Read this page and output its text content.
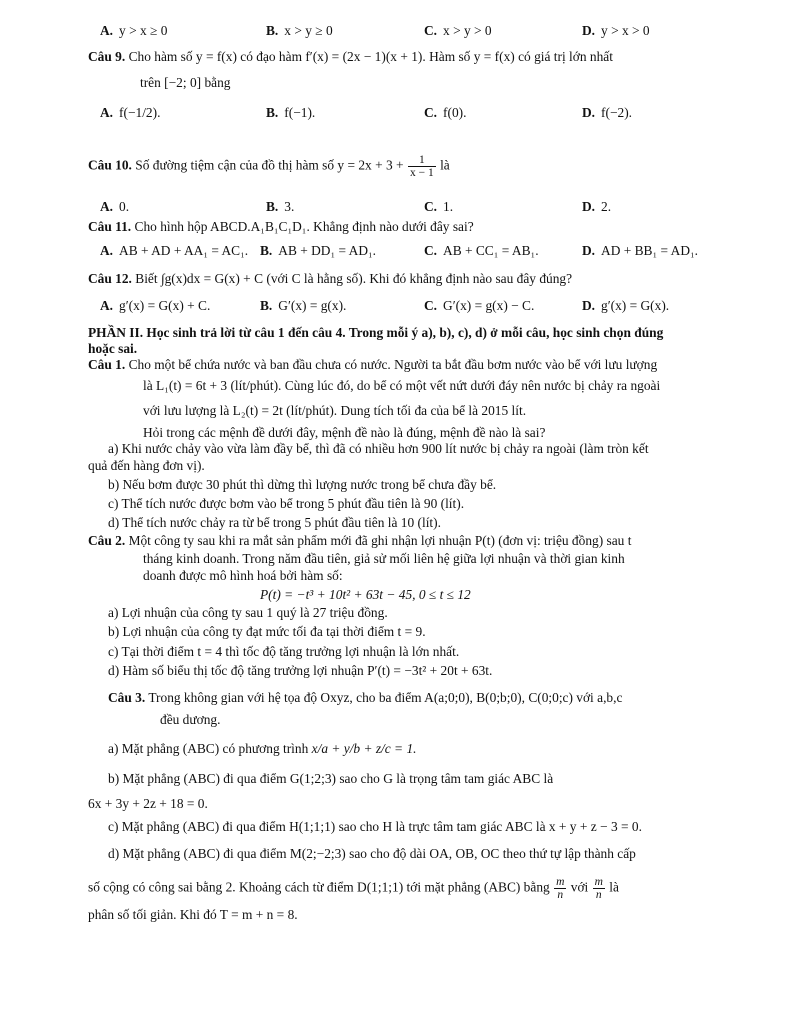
A. y > x ≥ 0	B. x > y ≥ 0	C. x > y > 0	D. y > x > 0
Câu 9. Cho hàm số y = f(x) có đạo hàm f′(x) = (2x − 1)(x + 1). Hàm số y = f(x) có giá trị lớn nhất
trên [−2; 0] bằng
A. f(−1/2).	B. f(−1).	C. f(0).	D. f(−2).
Câu 10. Số đường tiệm cận của đồ thị hàm số $y = 2x + 3 + \frac{1}{x - 1}$ là
A. 0.	B. 3.	C. 1.	D. 2.
Câu 11. Cho hình hộp ABCD.A₁B₁C₁D₁. Khẳng định nào dưới đây sai?
A. AB + AD + AA₁ = AC₁. B. AB + DD₁ = AD₁.	C. AB + CC₁ = AB₁.	D. AD + BB₁ = AD₁.
Câu 12. Biết ∫g(x)dx = G(x) + C (với C là hằng số). Khi đó khẳng định nào sau đây đúng?
A. g′(x) = G(x) + C.	B. G′(x) = g(x).	C. G′(x) = g(x) − C.	D. g′(x) = G(x).
PHẦN II. Học sinh trả lời từ câu 1 đến câu 4. Trong mỗi ý a), b), c), d) ở mỗi câu, học sinh chọn đúng
hoặc sai.
Câu 1. Cho một bể chứa nước và ban đầu chưa có nước. Người ta bắt đầu bơm nước vào bể với lưu lượng
là L₁(t) = 6t + 3 (lít/phút). Cùng lúc đó, do bể có một vết nứt dưới đáy nên nước bị chảy ra ngoài
với lưu lượng là L₂(t) = 2t (lít/phút). Dung tích tối đa của bể là 2015 lít.
Hỏi trong các mệnh đề dưới đây, mệnh đề nào là đúng, mệnh đề nào là sai?
a) Khi nước chảy vào vừa làm đầy bể, thì đã có nhiều hơn 900 lít nước bị chảy ra ngoài (làm tròn kết
quả đến hàng đơn vị).
b) Nếu bơm được 30 phút thì dừng thì lượng nước trong bể chưa đầy bể.
c) Thể tích nước được bơm vào bể trong 5 phút đầu tiên là 90 (lít).
d) Thể tích nước chảy ra từ bể trong 5 phút đầu tiên là 10 (lít).
Câu 2. Một công ty sau khi ra mắt sản phẩm mới đã ghi nhận lợi nhuận P(t) (đơn vị: triệu đồng) sau t
tháng kinh doanh. Trong năm đầu tiên, giả sử mối liên hệ giữa lợi nhuận và thời gian kinh
doanh được mô hình hoá bởi hàm số:
P(t) = −t³ + 10t² + 63t − 45, 0 ≤ t ≤ 12
a) Lợi nhuận của công ty sau 1 quý là 27 triệu đồng.
b) Lợi nhuận của công ty đạt mức tối đa tại thời điểm t = 9.
c) Tại thời điểm t = 4 thì tốc độ tăng trưởng lợi nhuận là lớn nhất.
d) Hàm số biểu thị tốc độ tăng trưởng lợi nhuận P′(t) = −3t² + 20t + 63t.
Câu 3. Trong không gian với hệ tọa độ Oxyz, cho ba điểm A(a;0;0), B(0;b;0), C(0;0;c) với a,b,c
đều dương.
a) Mặt phẳng (ABC) có phương trình x/a + y/b + z/c = 1.
b) Mặt phẳng (ABC) đi qua điểm G(1;2;3) sao cho G là trọng tâm tam giác ABC là
6x + 3y + 2z + 18 = 0.
c) Mặt phẳng (ABC) đi qua điểm H(1;1;1) sao cho H là trực tâm tam giác ABC là x + y + z − 3 = 0.
d) Mặt phẳng (ABC) đi qua điểm M(2;−2;3) sao cho độ dài OA, OB, OC theo thứ tự lập thành cấp
số cộng có công sai bằng 2. Khoảng cách từ điểm D(1;1;1) tới mặt phẳng (ABC) bằng $\frac{m}{n}$ với $\frac{m}{n}$ là
phân số tối giản. Khi đó T = m + n = 8.
